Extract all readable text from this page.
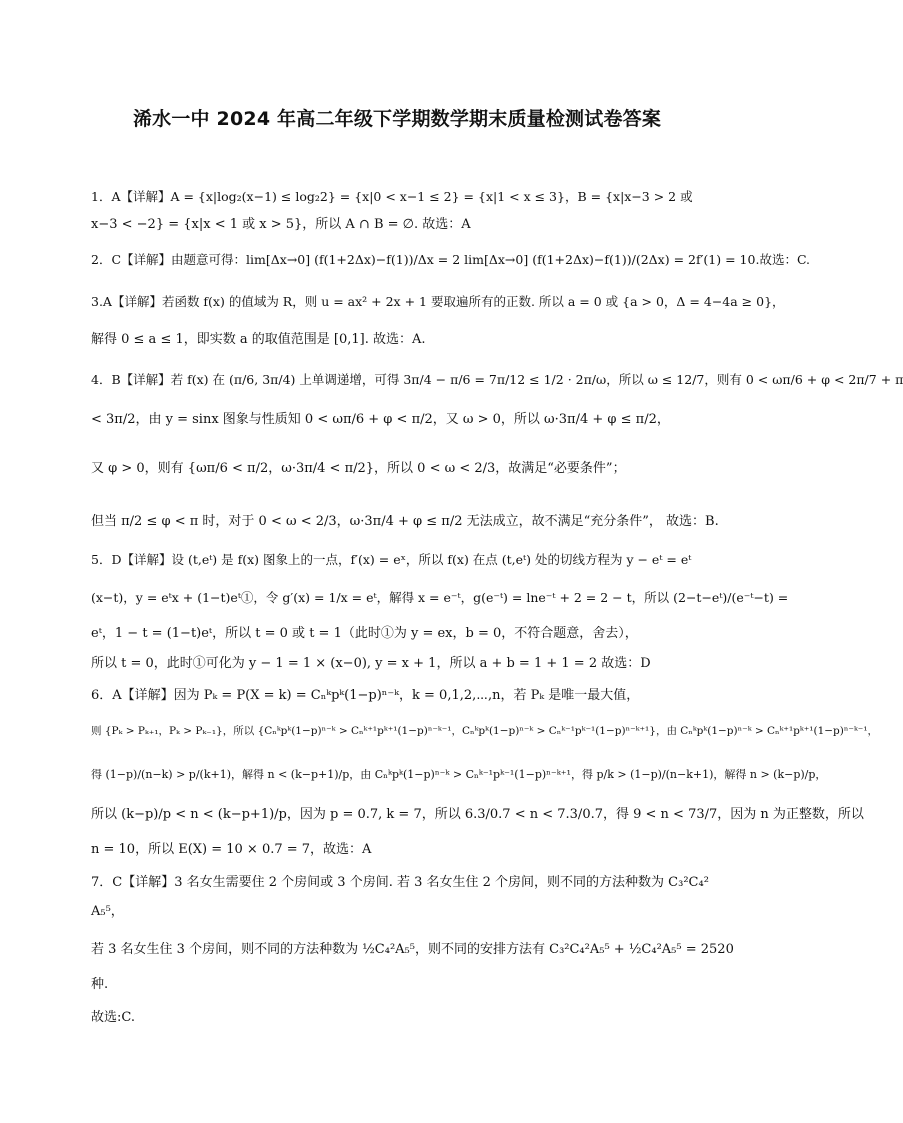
浠水一中 2024 年高二年级下学期数学期末质量检测试卷答案
1．A【详解】A = {x|log₂(x−1) ≤ log₂2} = {x|0 < x−1 ≤ 2} = {x|1 < x ≤ 3}，B = {x|x−3 > 2 或
x−3 < −2} = {x|x < 1 或 x > 5}，所以 A ∩ B = ∅. 故选：A
2．C【详解】由题意可得：lim[Δx→0] (f(1+2Δx)−f(1))/Δx = 2 lim[Δx→0] (f(1+2Δx)−f(1))/(2Δx) = 2f′(1) = 10.故选：C.
3.A【详解】若函数 f(x) 的值域为 R，则 u = ax² + 2x + 1 要取遍所有的正数. 所以 a = 0 或 {a > 0，Δ = 4−4a ≥ 0}，
解得 0 ≤ a ≤ 1，即实数 a 的取值范围是 [0,1]. 故选：A.
4．B【详解】若 f(x) 在 (π/6, 3π/4) 上单调递增，可得 3π/4 − π/6 = 7π/12 ≤ 1/2 · 2π/ω，所以 ω ≤ 12/7，则有 0 < ωπ/6 + φ < 2π/7 + π
< 3π/2，由 y = sinx 图象与性质知 0 < ωπ/6 + φ < π/2，又 ω > 0，所以 ω·3π/4 + φ ≤ π/2，
又 φ > 0，则有 {ωπ/6 < π/2，ω·3π/4 < π/2}，所以 0 < ω < 2/3，故满足“必要条件”；
但当 π/2 ≤ φ < π 时，对于 0 < ω < 2/3，ω·3π/4 + φ ≤ π/2 无法成立，故不满足“充分条件”， 故选：B.
5．D【详解】设 (t,eᵗ) 是 f(x) 图象上的一点，f′(x) = eˣ，所以 f(x) 在点 (t,eᵗ) 处的切线方程为 y − eᵗ = eᵗ
(x−t)，y = eᵗx + (1−t)eᵗ①，令 g′(x) = 1/x = eᵗ，解得 x = e⁻ᵗ，g(e⁻ᵗ) = lne⁻ᵗ + 2 = 2 − t，所以 (2−t−eᵗ)/(e⁻ᵗ−t) =
eᵗ，1 − t = (1−t)eᵗ，所以 t = 0 或 t = 1（此时①为 y = ex，b = 0，不符合题意，舍去），
所以 t = 0，此时①可化为 y − 1 = 1 × (x−0), y = x + 1，所以 a + b = 1 + 1 = 2 故选：D
6．A【详解】因为 Pₖ = P(X = k) = Cₙᵏpᵏ(1−p)ⁿ⁻ᵏ，k = 0,1,2,⋯,n，若 Pₖ 是唯一最大值，
则 {Pₖ > Pₖ₊₁，Pₖ > Pₖ₋₁}，所以 {Cₙᵏpᵏ(1−p)ⁿ⁻ᵏ > Cₙᵏ⁺¹pᵏ⁺¹(1−p)ⁿ⁻ᵏ⁻¹，Cₙᵏpᵏ(1−p)ⁿ⁻ᵏ > Cₙᵏ⁻¹pᵏ⁻¹(1−p)ⁿ⁻ᵏ⁺¹}，由 Cₙᵏpᵏ(1−p)ⁿ⁻ᵏ > Cₙᵏ⁺¹pᵏ⁺¹(1−p)ⁿ⁻ᵏ⁻¹，
得 (1−p)/(n−k) > p/(k+1)，解得 n < (k−p+1)/p，由 Cₙᵏpᵏ(1−p)ⁿ⁻ᵏ > Cₙᵏ⁻¹pᵏ⁻¹(1−p)ⁿ⁻ᵏ⁺¹，得 p/k > (1−p)/(n−k+1)，解得 n > (k−p)/p，
所以 (k−p)/p < n < (k−p+1)/p，因为 p = 0.7, k = 7，所以 6.3/0.7 < n < 7.3/0.7，得 9 < n < 73/7，因为 n 为正整数，所以
n = 10，所以 E(X) = 10 × 0.7 = 7，故选：A
7．C【详解】3 名女生需要住 2 个房间或 3 个房间. 若 3 名女生住 2 个房间，则不同的方法种数为 C₃²C₄²
A₅⁵，
若 3 名女生住 3 个房间，则不同的方法种数为 ½C₄²A₅⁵，则不同的安排方法有 C₃²C₄²A₅⁵ + ½C₄²A₅⁵ = 2520
种.
故选:C.
